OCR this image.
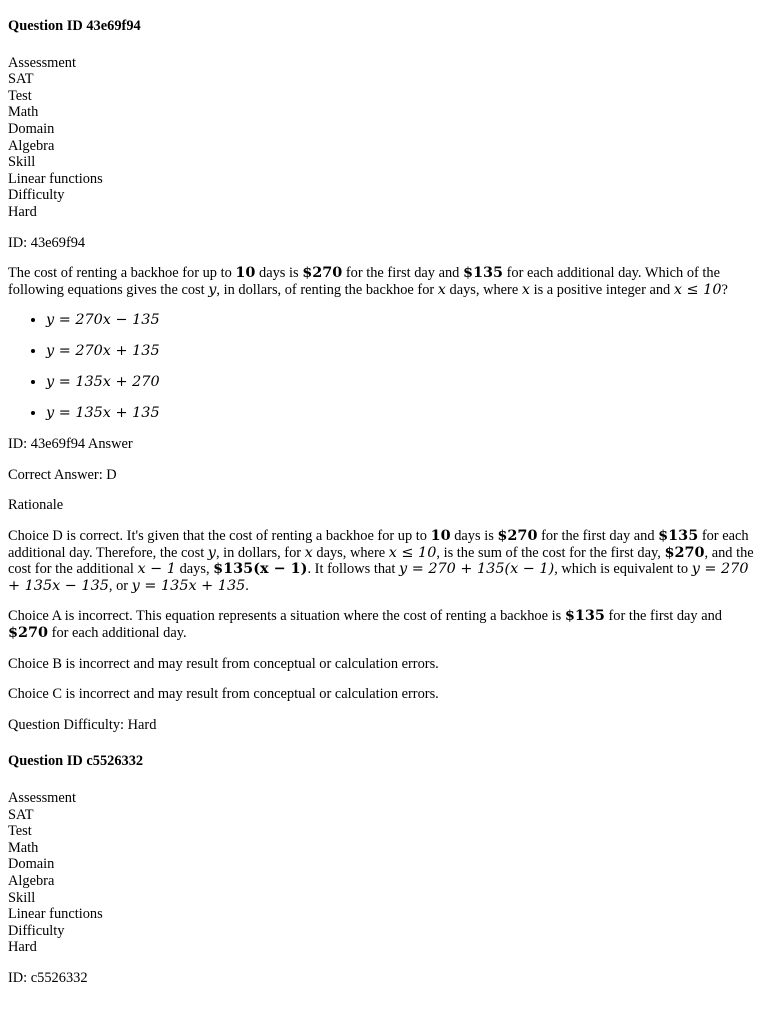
Question ID 43e69f94
Assessment
SAT
Test
Math
Domain
Algebra
Skill
Linear functions
Difficulty
Hard

ID: 43e69f94

The cost of renting a backhoe for up to 10 days is $270 for the first day and $135 for each additional day. Which of the following equations gives the cost y, in dollars, of renting the backhoe for x days, where x is a positive integer and x ≤ 10?

• y = 270x − 135
• y = 270x + 135
• y = 135x + 270
• y = 135x + 135

ID: 43e69f94 Answer

Correct Answer: D

Rationale

Choice D is correct. It's given that the cost of renting a backhoe for up to 10 days is $270 for the first day and $135 for each additional day. Therefore, the cost y, in dollars, for x days, where x ≤ 10, is the sum of the cost for the first day, $270, and the cost for the additional x − 1 days, $135(x − 1). It follows that y = 270 + 135(x − 1), which is equivalent to y = 270 + 135x − 135, or y = 135x + 135.

Choice A is incorrect. This equation represents a situation where the cost of renting a backhoe is $135 for the first day and $270 for each additional day.

Choice B is incorrect and may result from conceptual or calculation errors.

Choice C is incorrect and may result from conceptual or calculation errors.

Question Difficulty: Hard

Question ID c5526332
Assessment
SAT
Test
Math
Domain
Algebra
Skill
Linear functions
Difficulty
Hard

ID: c5526332
